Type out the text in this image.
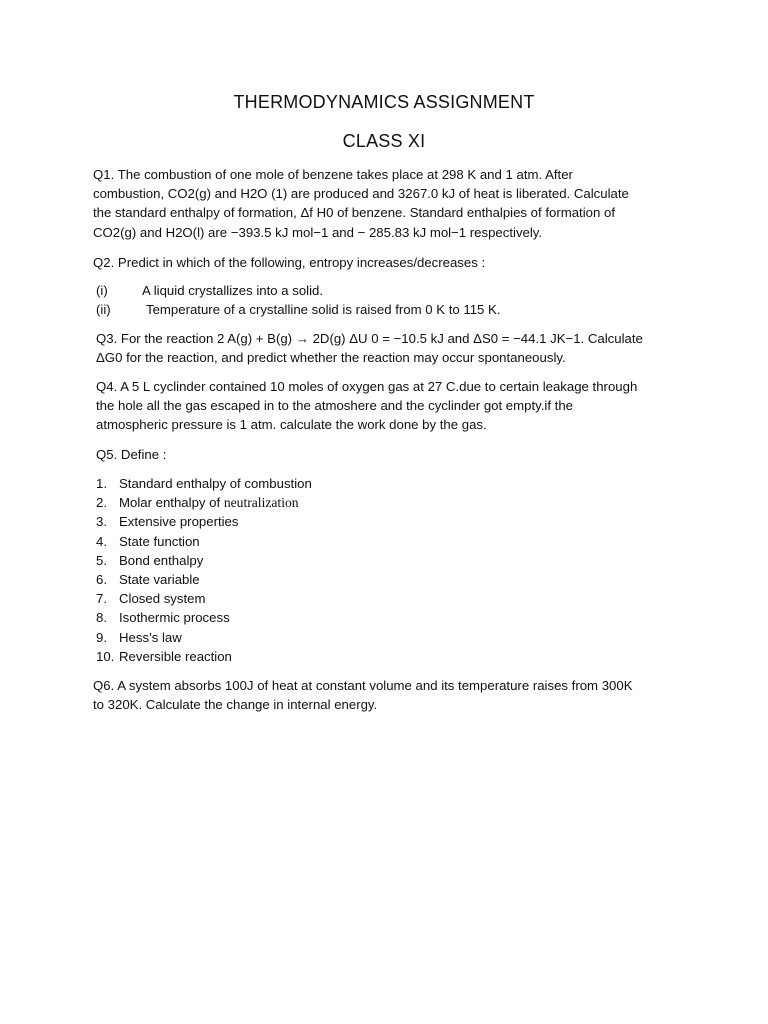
THERMODYNAMICS ASSIGNMENT
CLASS XI

Q1. The combustion of one mole of benzene takes place at 298 K and 1 atm. After

combustion, CO2(g) and H2O (1) are produced and 3267.0 kJ of heat is liberated. Calculate

the standard enthalpy of formation, Δf H0 of benzene. Standard enthalpies of formation of

CO2(g) and H2O(l) are −393.5 kJ mol−1 and − 285.83 kJ mol−1 respectively.

Q2. Predict in which of the following, entropy increases/decreases :

(i)	A liquid crystallizes into a solid.
(ii)	Temperature of a crystalline solid is raised from 0 K to 115 K.

Q3. For the reaction 2 A(g) + B(g) → 2D(g) ΔU 0 = −10.5 kJ and ΔS0 = −44.1 JK−1. Calculate

ΔG0 for the reaction, and predict whether the reaction may occur spontaneously.

Q4. A 5 L cyclinder contained 10 moles of oxygen gas at 27 C.due to certain leakage through

the hole all the gas escaped in to the atmoshere and the cyclinder got empty.if the

atmospheric pressure is 1 atm. calculate the work done by the gas.

Q5. Define :

1. Standard enthalpy of combustion
2. Molar enthalpy of neutralization
3. Extensive properties
4. State function
5. Bond enthalpy
6. State variable
7. Closed system
8. Isothermic process
9. Hess’s law
10. Reversible reaction

Q6. A system absorbs 100J of heat at constant volume and its temperature raises from 300K

to 320K. Calculate the change in internal energy.
